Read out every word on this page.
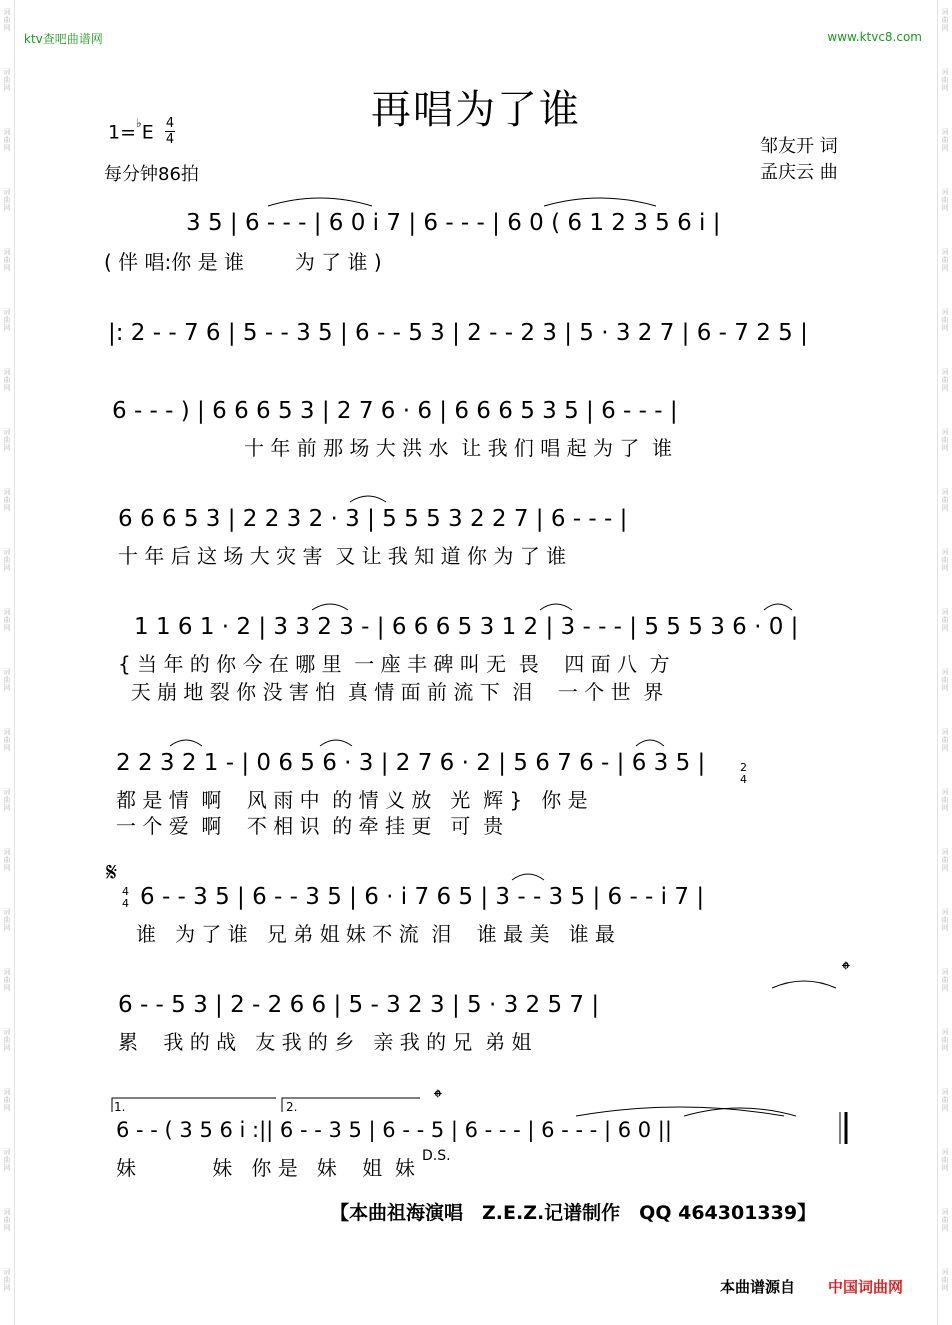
词
曲
网
词
曲
网
词
曲
网
词
曲
网
词
曲
网
词
曲
网
词
曲
网
词
曲
网
词
曲
网
词
曲
网
词
曲
网
词
曲
网
词
曲
网
词
曲
网
词
曲
网
词
曲
网
词
曲
网
词
曲
网
词
曲
网
词
曲
网
词
曲
网
词
曲
网
词
曲
网
词
曲
网
词
曲
网
词
曲
网
词
曲
网
词
曲
网
词
曲
网
词
曲
网
词
曲
网
词
曲
网
词
曲
网
词
曲
网
词
曲
网
词
曲
网
词
曲
网
词
曲
网
词
曲
网
词
曲
网
词
曲
网
词
曲
网
词
曲
网
词
曲
网
ktv查吧曲谱网	www.ktvc8.com
再唱为了谁
1=♭E 4
4
每分钟86拍
邹友开 词
孟庆云 曲
3 5 | 6 - - - | 6 0 i 7 | 6 - - - | 6 0 ( 6 1 2 3 5 6 i |
( 伴 唱:你 是 谁        为 了 谁 )
|: 2 - - 7 6 | 5 - - 3 5 | 6 - - 5 3 | 2 - - 2 3 | 5 · 3 2 7 | 6 - 7 2 5 |
6 - - - ) | 6 6 6 5 3 | 2 7 6 · 6 | 6 6 6 5 3 5 | 6 - - - |
十 年 前 那 场 大 洪 水  让 我 们 唱 起 为 了  谁
6 6 6 5 3 | 2 2 3 2 · 3 | 5 5 5 3 2 2 7 | 6 - - - |
十 年 后 这 场 大 灾 害  又 让 我 知 道 你 为 了 谁
1 1 6 1 · 2 | 3 3 2 3 - | 6 6 6 5 3 1 2 | 3 - - - | 5 5 5 3 6 · 0 |
{ 当 年 的 你 今 在 哪 里  一 座 丰 碑 叫 无  畏    四 面 八  方
天 崩 地 裂 你 没 害 怕  真 情 面 前 流 下  泪    一 个 世  界
2 2 3 2 1 - | 0 6 5 6 · 3 | 2 7 6 · 2 | 5 6 7 6 - | 6 3 5 |
都 是 情  啊    风 雨 中  的 情 义 放   光  辉 }   你 是
一 个 爱  啊    不 相 识  的 牵 挂 更   可  贵
6 - - 3 5 | 6 - - 3 5 | 6 · i 7 6 5 | 3 - - 3 5 | 6 - - i 7 |
谁   为 了 谁   兄 弟 姐 妹 不 流  泪    谁 最 美   谁 最
6 - - 5 3 | 2 - 2 6 6 | 5 - 3 2 3 | 5 · 3 2 5 7 |
累    我 的 战   友 我 的 乡   亲 我 的 兄  弟 姐
6 - - ( 3 5 6 i :|| 6 - - 3 5 | 6 - - 5 | 6 - - - | 6 - - - | 6 0 ||
妹            妹   你 是   妹    姐  妹
𝄋
4
4
2
4
𝄌
𝄌
D.S.
1.	2.
【本曲祖海演唱　Z.E.Z.记谱制作　QQ 464301339】
本曲谱源自 中国词曲网
